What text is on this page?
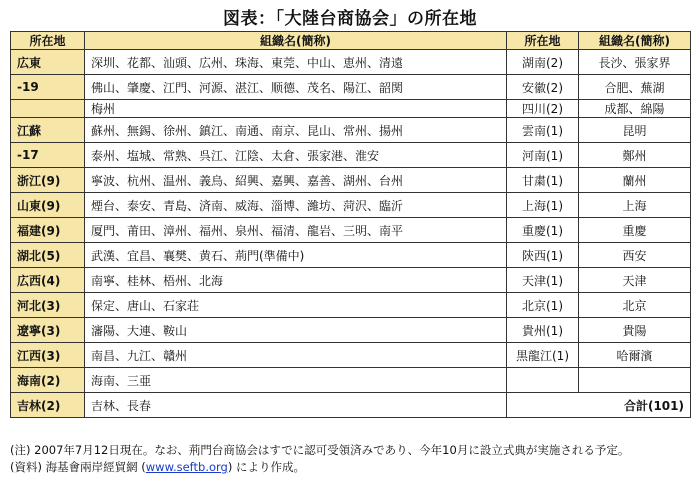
図表：「大陸台商協会」の所在地
所在地	組織名(簡称)	所在地	組織名(簡称)
広東	深圳、花都、汕頭、広州、珠海、東莞、中山、恵州、清遠	湖南(2)	長沙、張家界
-19	佛山、肇慶、江門、河源、湛江、顺德、茂名、陽江、韶関	安徽(2)	合肥、蕪湖
	梅州	四川(2)	成都、綿陽
江蘇	蘇州、無錫、徐州、鎮江、南通、南京、昆山、常州、揚州	雲南(1)	昆明
-17	泰州、塩城、常熟、呉江、江陰、太倉、張家港、淮安	河南(1)	鄭州
浙江(9)	寧波、杭州、温州、義烏、紹興、嘉興、嘉善、湖州、台州	甘粛(1)	蘭州
山東(9)	煙台、泰安、青島、済南、威海、淄博、濰坊、菏沢、臨沂	上海(1)	上海
福建(9)	厦門、莆田、漳州、福州、泉州、福清、龍岩、三明、南平	重慶(1)	重慶
湖北(5)	武漢、宜昌、襄樊、黄石、荊門(準備中)	陝西(1)	西安
広西(4)	南寧、桂林、梧州、北海	天津(1)	天津
河北(3)	保定、唐山、石家荘	北京(1)	北京
遼寧(3)	瀋陽、大連、鞍山	貴州(1)	貴陽
江西(3)	南昌、九江、贛州	黒龍江(1)	哈爾濱
海南(2)	海南、三亜		
吉林(2)	吉林、長春	合計(101)	
(注) 2007年7月12日現在。なお、荊門台商協会はすでに認可受領済みであり、今年10月に設立式典が実施される予定。
(資料) 海基會兩岸經貿網 (www.seftb.org) により作成。
